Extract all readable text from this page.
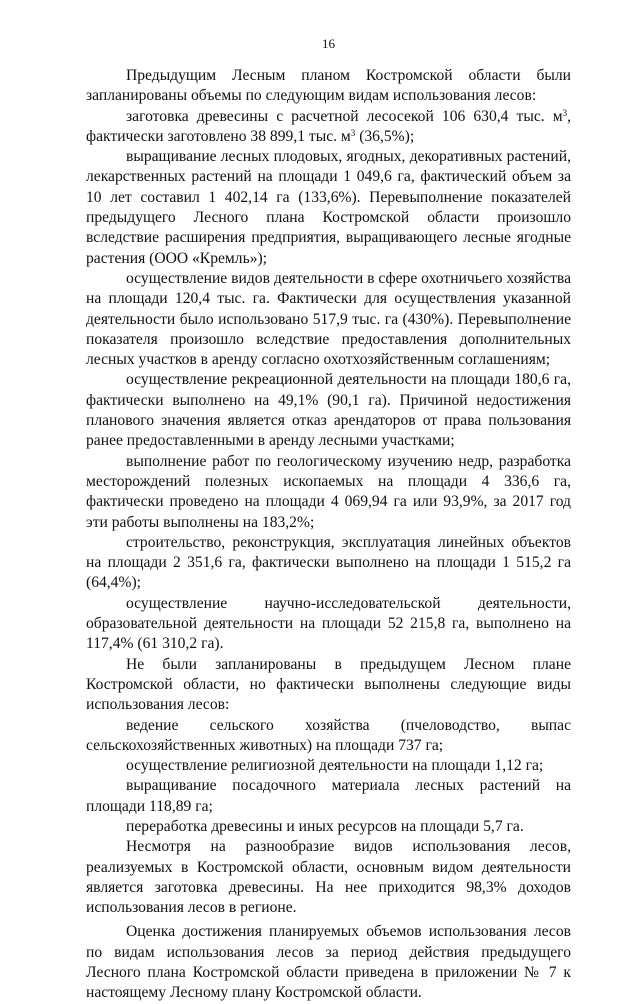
16

Предыдущим Лесным планом Костромской области были запланированы объемы по следующим видам использования лесов:

заготовка древесины с расчетной лесосекой 106 630,4 тыс. $м^3$, фактически заготовлено 38 899,1 тыс. $м^3$ (36,5%);

выращивание лесных плодовых, ягодных, декоративных растений, лекарственных растений на площади 1 049,6 га, фактический объем за 10 лет составил 1 402,14 га (133,6%). Перевыполнение показателей предыдущего Лесного плана Костромской области произошло вследствие расширения предприятия, выращивающего лесные ягодные растения (ООО «Кремль»);

осуществление видов деятельности в сфере охотничьего хозяйства на площади 120,4 тыс. га. Фактически для осуществления указанной деятельности было использовано 517,9 тыс. га (430%). Перевыполнение показателя произошло вследствие предоставления дополнительных лесных участков в аренду согласно охотхозяйственным соглашениям;

осуществление рекреационной деятельности на площади 180,6 га, фактически выполнено на 49,1% (90,1 га). Причиной недостижения планового значения является отказ арендаторов от права пользования ранее предоставленными в аренду лесными участками;

выполнение работ по геологическому изучению недр, разработка месторождений полезных ископаемых на площади 4 336,6 га, фактически проведено на площади 4 069,94 га или 93,9%, за 2017 год эти работы выполнены на 183,2%;

строительство, реконструкция, эксплуатация линейных объектов на площади 2 351,6 га, фактически выполнено на площади 1 515,2 га (64,4%);

осуществление научно-исследовательской деятельности, образовательной деятельности на площади 52 215,8 га, выполнено на 117,4% (61 310,2 га).

Не были запланированы в предыдущем Лесном плане Костромской области, но фактически выполнены следующие виды использования лесов:

ведение сельского хозяйства (пчеловодство, выпас сельскохозяйственных животных) на площади 737 га;

осуществление религиозной деятельности на площади 1,12 га;

выращивание посадочного материала лесных растений на площади 118,89 га;

переработка древесины и иных ресурсов на площади 5,7 га.

Несмотря на разнообразие видов использования лесов, реализуемых в Костромской области, основным видом деятельности является заготовка древесины. На нее приходится 98,3% доходов использования лесов в регионе.

Оценка достижения планируемых объемов использования лесов по видам использования лесов за период действия предыдущего Лесного плана Костромской области приведена в приложении № 7 к настоящему Лесному плану Костромской области.
